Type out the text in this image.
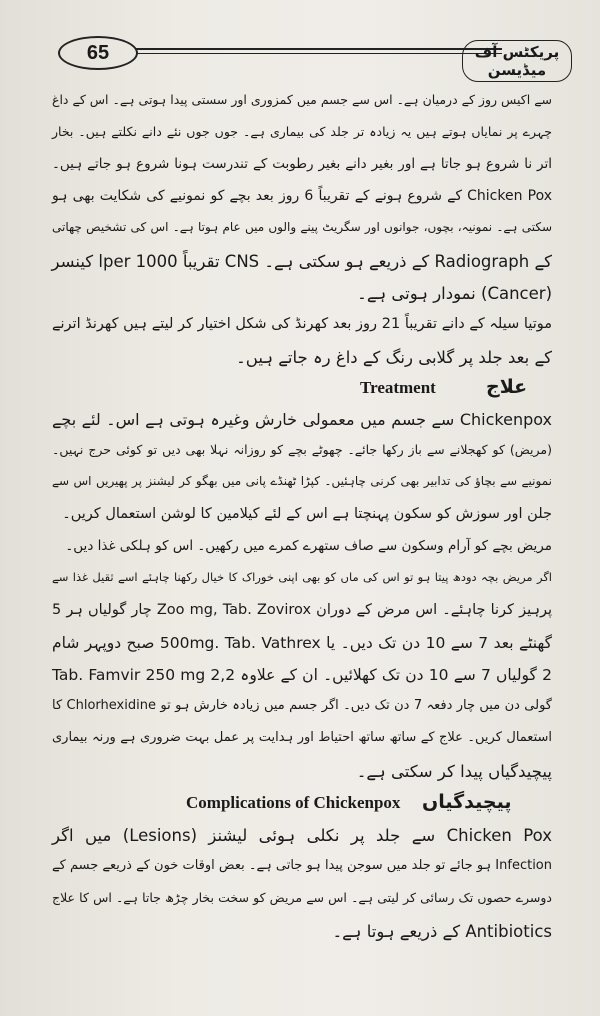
65	پریکٹس آف میڈیسن
سے اکیس روز کے درمیان ہے۔ اس سے جسم میں کمزوری اور سستی پیدا ہوتی ہے۔ اس کے داغ
چہرے پر نمایاں ہوتے ہیں یہ زیادہ تر جلد کی بیماری ہے۔ جوں جوں نئے دانے نکلتے ہیں۔ بخار
اتر نا شروع ہو جاتا ہے اور بغیر دانے بغیر رطوبت کے تندرست ہونا شروع ہو جاتے ہیں۔
Chicken Pox کے شروع ہونے کے تقریباً 6 روز بعد بچے کو نمونیے کی شکایت بھی ہو
سکتی ہے۔ نمونیہ، بچوں، جوانوں اور سگریٹ پینے والوں میں عام ہوتا ہے۔ اس کی تشخیص چھاتی
کے Radiograph کے ذریعے ہو سکتی ہے۔ CNS تقریباً 1000 lper کینسر
(Cancer) نمودار ہوتی ہے۔
موتیا سیلہ کے دانے تقریباً 21 روز بعد کھرنڈ کی شکل اختیار کر لیتے ہیں کھرنڈ اترنے
کے بعد جلد پر گلابی رنگ کے داغ رہ جاتے ہیں۔
Treatment	علاج
Chickenpox سے جسم میں معمولی خارش وغیرہ ہوتی ہے اس۔ لئے بچے
(مریض) کو کھجلانے سے باز رکھا جائے۔ چھوٹے بچے کو روزانہ نہلا بھی دیں تو کوئی حرج نہیں۔
نمونیے سے بچاؤ کی تدابیر بھی کرنی چاہئیں۔ کپڑا ٹھنڈے پانی میں بھگو کر لیشنز پر پھیریں اس سے
جلن اور سوزش کو سکون پہنچتا ہے اس کے لئے کیلامین کا لوشن استعمال کریں۔
مریض بچے کو آرام وسکون سے صاف ستھرے کمرے میں رکھیں۔ اس کو ہلکی غذا دیں۔
اگر مریض بچہ دودھ پیتا ہو تو اس کی ماں کو بھی اپنی خوراک کا خیال رکھنا چاہئے اسے ثقیل غذا سے
پرہیز کرنا چاہئے۔ اس مرض کے دوران Zoo mg, Tab. Zovirox چار گولیاں ہر 5
گھنٹے بعد 7 سے 10 دن تک دیں۔ یا 500mg. Tab. Vathrex صبح دوپہر شام
2 گولیاں 7 سے 10 دن تک کھلائیں۔ ان کے علاوہ 2,2 Tab. Famvir 250 mg
گولی دن میں چار دفعہ 7 دن تک دیں۔ اگر جسم میں زیادہ خارش ہو تو Chlorhexidine کا
استعمال کریں۔ علاج کے ساتھ ساتھ احتیاط اور ہدایت پر عمل بہت ضروری ہے ورنہ بیماری
پیچیدگیاں پیدا کر سکتی ہے۔
Complications of Chickenpox پیچیدگیاں
Chicken Pox سے جلد پر نکلی ہوئی لیشنز (Lesions) میں اگر
Infection ہو جائے تو جلد میں سوجن پیدا ہو جاتی ہے۔ بعض اوقات خون کے ذریعے جسم کے
دوسرے حصوں تک رسائی کر لیتی ہے۔ اس سے مریض کو سخت بخار چڑھ جاتا ہے۔ اس کا علاج
Antibiotics کے ذریعے ہوتا ہے۔
